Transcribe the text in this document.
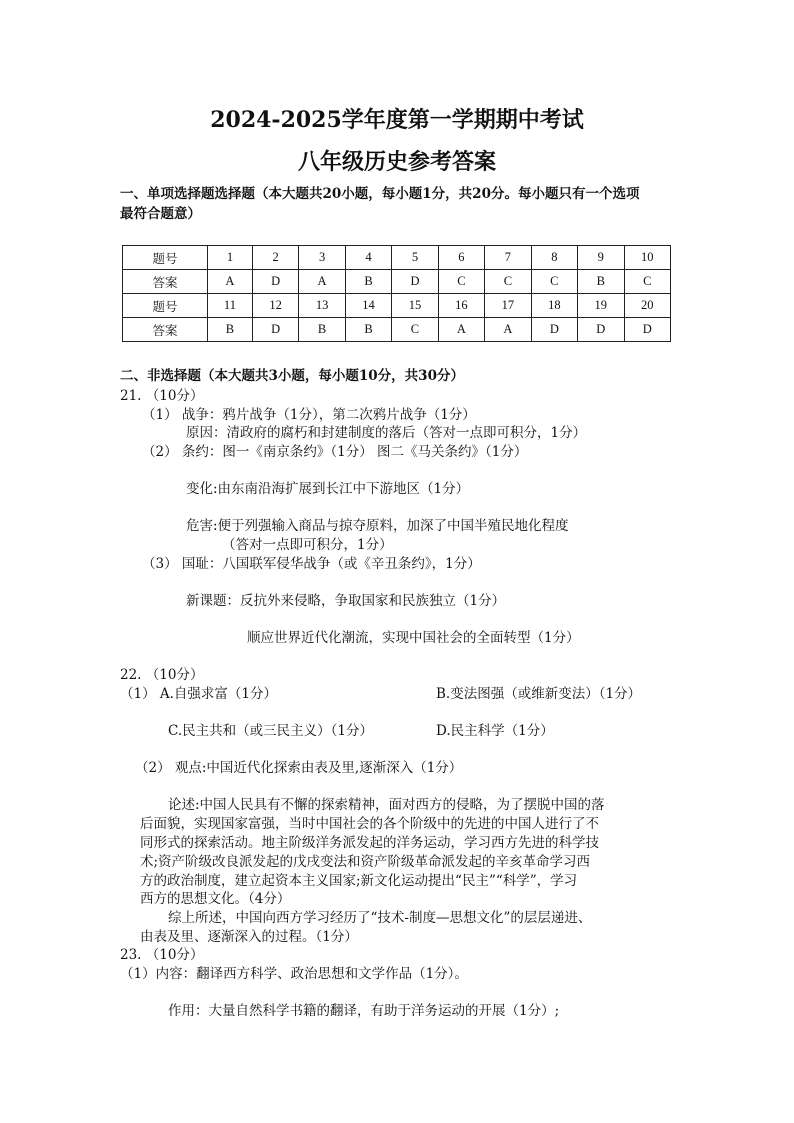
2024-2025学年度第一学期期中考试
八年级历史参考答案
一、单项选择题选择题（本大题共20小题，每小题1分，共20分。每小题只有一个选项
最符合题意）
题号	1	2	3	4	5	6	7	8	9	10
答案	A	D	A	B	D	C	C	C	B	C
题号	11	12	13	14	15	16	17	18	19	20
答案	B	D	B	B	C	A	A	D	D	D
二、非选择题（本大题共3小题，每小题10分，共30分）
21. （10分）
（1） 战争：鸦片战争（1分），第二次鸦片战争（1分）
原因：清政府的腐朽和封建制度的落后（答对一点即可积分，1分）
（2） 条约：图一《南京条约》（1分） 图二《马关条约》（1分）
变化:由东南沿海扩展到长江中下游地区（1分）
危害:便于列强输入商品与掠夺原料，加深了中国半殖民地化程度
（答对一点即可积分，1分）
（3） 国耻：八国联军侵华战争（或《辛丑条约》，1分）
新课题：反抗外来侵略，争取国家和民族独立（1分）
顺应世界近代化潮流，实现中国社会的全面转型（1分）
22. （10分）
（1） A.自强求富（1分）	B.变法图强（或维新变法）（1分）
C.民主共和（或三民主义）（1分）	D.民主科学（1分）
（2） 观点:中国近代化探索由表及里,逐渐深入（1分）
论述:中国人民具有不懈的探索精神，面对西方的侵略，为了摆脱中国的落
后面貌，实现国家富强，当时中国社会的各个阶级中的先进的中国人进行了不
同形式的探索活动。地主阶级洋务派发起的洋务运动，学习西方先进的科学技
术;资产阶级改良派发起的戊戌变法和资产阶级革命派发起的辛亥革命学习西
方的政治制度，建立起资本主义国家;新文化运动提出“民主”“科学”，学习
西方的思想文化。（4分）
综上所述，中国向西方学习经历了“技术-制度—思想文化”的层层递进、
由表及里、逐渐深入的过程。（1分）
23. （10分）
（1）内容：翻译西方科学、政治思想和文学作品（1分）。
作用：大量自然科学书籍的翻译，有助于洋务运动的开展（1分）;
